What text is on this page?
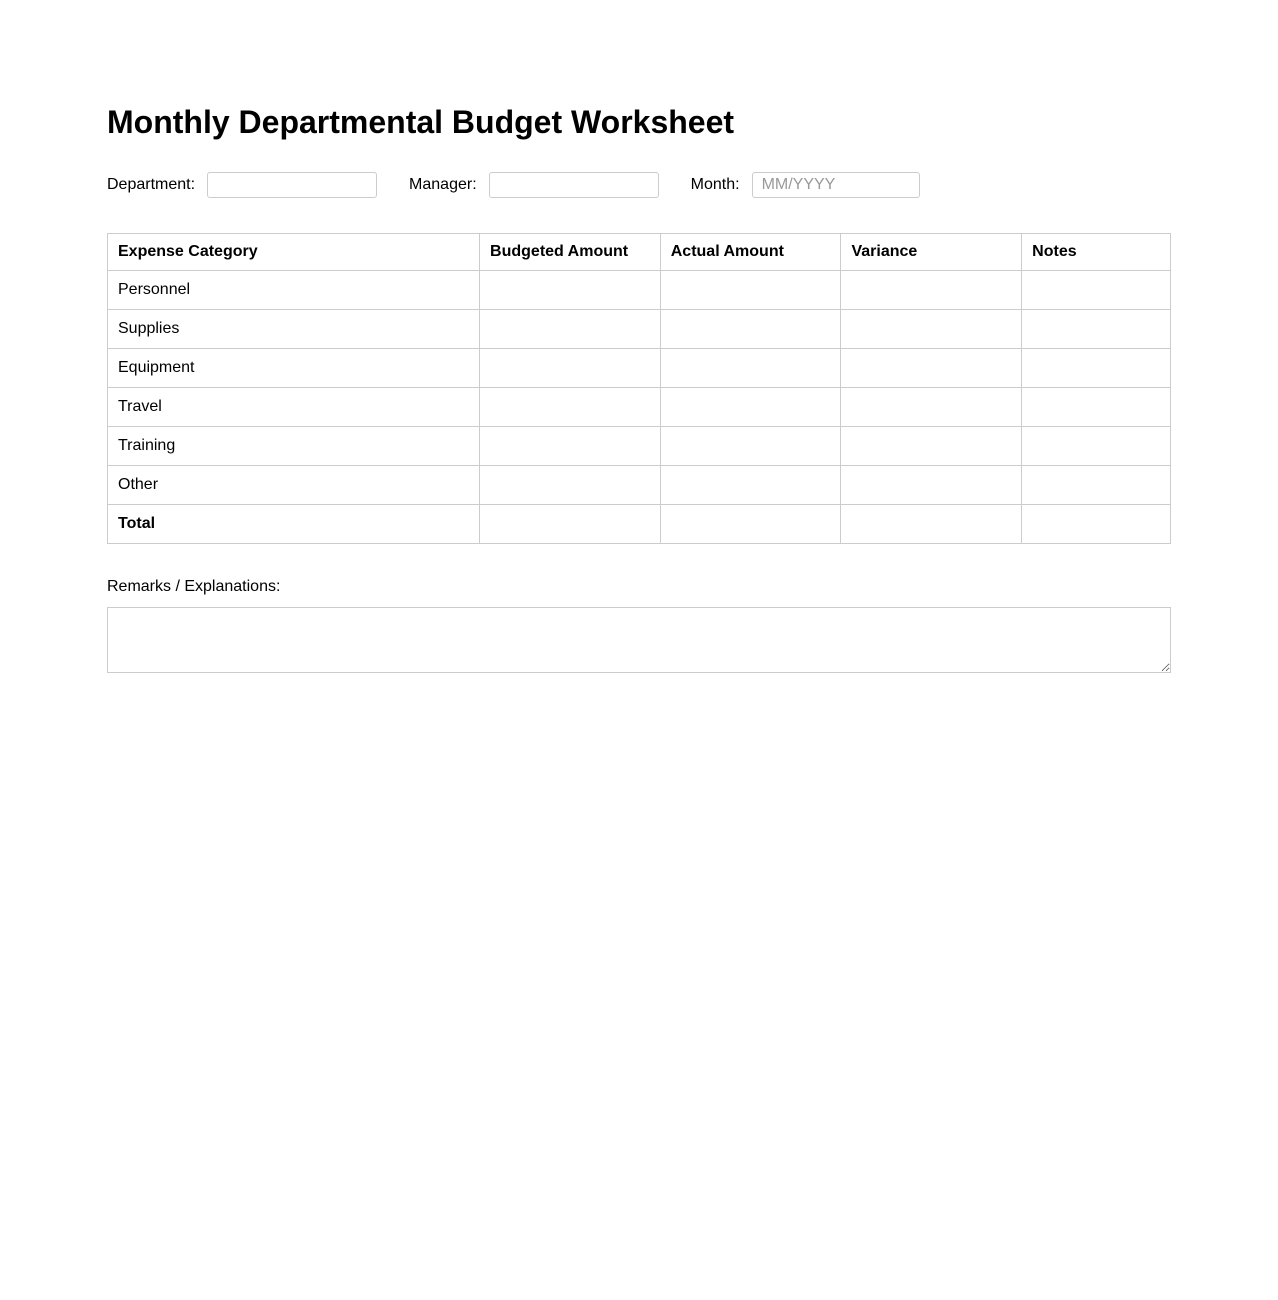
Monthly Departmental Budget Worksheet
Department:	Manager:	Month:
MM/YYYY
Expense Category	Budgeted Amount	Actual Amount	Variance	Notes
Personnel				
Supplies				
Equipment				
Travel				
Training				
Other				
Total				
Remarks / Explanations:
